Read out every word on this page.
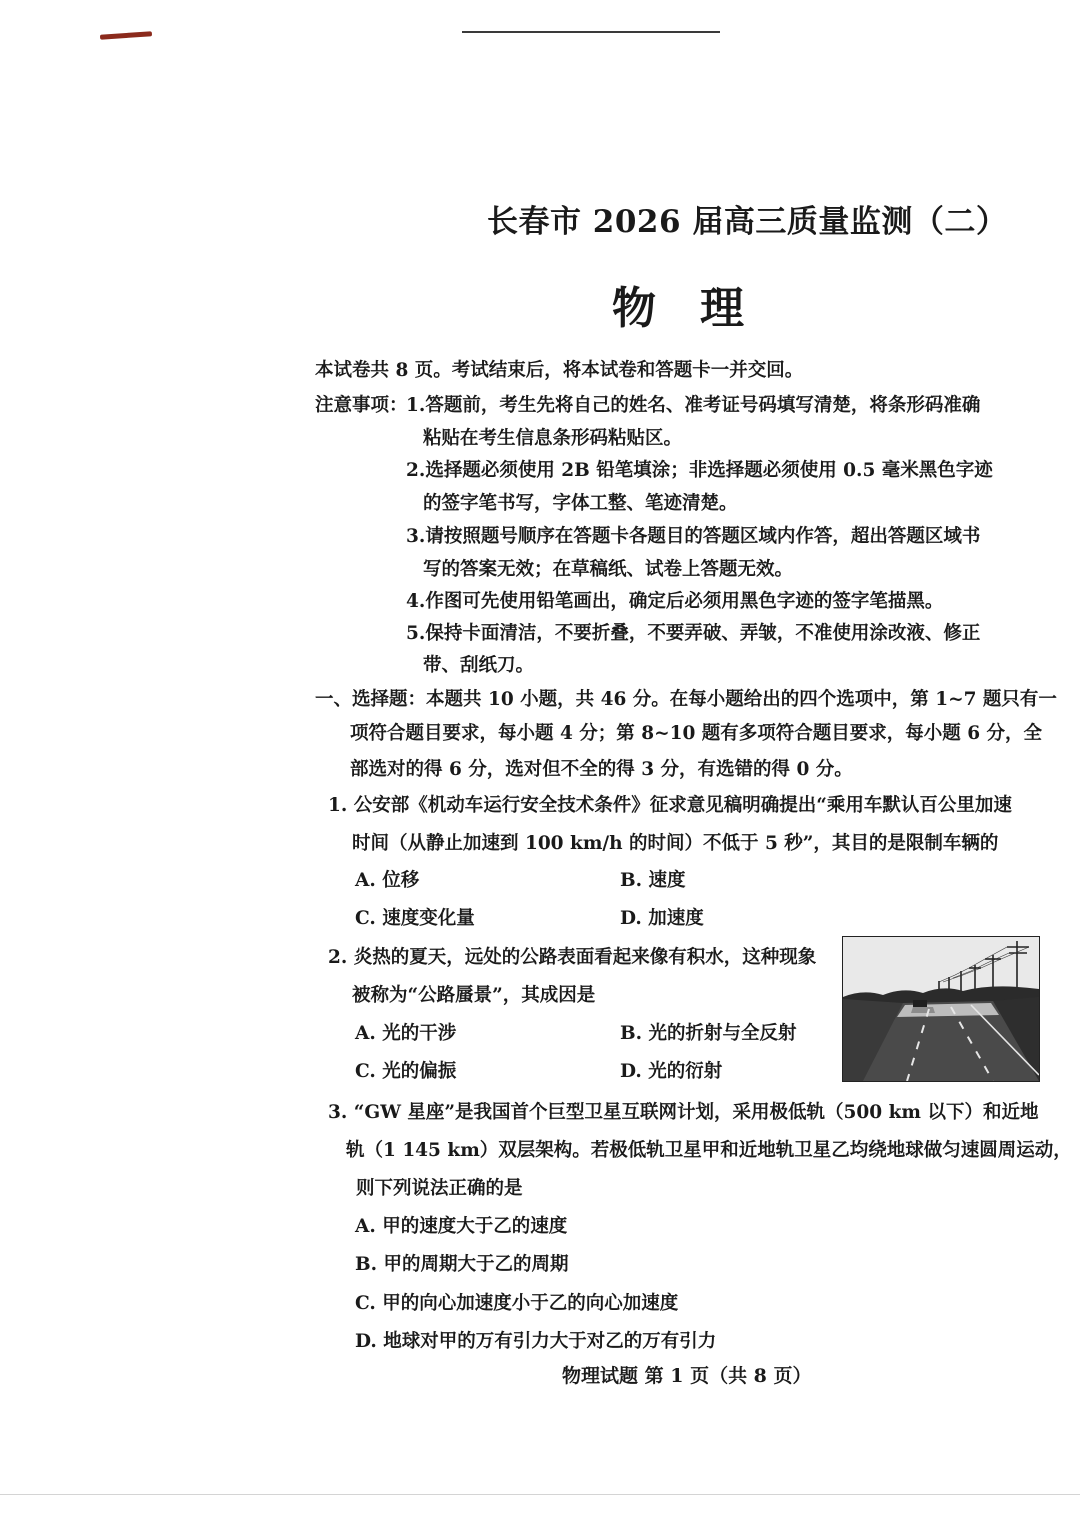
长春市 2026 届高三质量监测（二）
物理
本试卷共 8 页。考试结束后，将本试卷和答题卡一并交回。
注意事项：
1.答题前，考生先将自己的姓名、准考证号码填写清楚，将条形码准确
粘贴在考生信息条形码粘贴区。
2.选择题必须使用 2B 铅笔填涂；非选择题必须使用 0.5 毫米黑色字迹
的签字笔书写，字体工整、笔迹清楚。
3.请按照题号顺序在答题卡各题目的答题区域内作答，超出答题区域书
写的答案无效；在草稿纸、试卷上答题无效。
4.作图可先使用铅笔画出，确定后必须用黑色字迹的签字笔描黑。
5.保持卡面清洁，不要折叠，不要弄破、弄皱，不准使用涂改液、修正
带、刮纸刀。
一、选择题：本题共 10 小题，共 46 分。在每小题给出的四个选项中，第 1~7 题只有一
项符合题目要求，每小题 4 分；第 8~10 题有多项符合题目要求，每小题 6 分，全
部选对的得 6 分，选对但不全的得 3 分，有选错的得 0 分。
1. 公安部《机动车运行安全技术条件》征求意见稿明确提出“乘用车默认百公里加速
时间（从静止加速到 100 km/h 的时间）不低于 5 秒”，其目的是限制车辆的
A. 位移	B. 速度
C. 速度变化量	D. 加速度
2. 炎热的夏天，远处的公路表面看起来像有积水，这种现象
被称为“公路蜃景”，其成因是
A. 光的干涉	B. 光的折射与全反射
C. 光的偏振	D. 光的衍射
3. “GW 星座”是我国首个巨型卫星互联网计划，采用极低轨（500 km 以下）和近地
轨（1 145 km）双层架构。若极低轨卫星甲和近地轨卫星乙均绕地球做匀速圆周运动，
则下列说法正确的是
A. 甲的速度大于乙的速度
B. 甲的周期大于乙的周期
C. 甲的向心加速度小于乙的向心加速度
D. 地球对甲的万有引力大于对乙的万有引力
物理试题 第 1 页（共 8 页）
